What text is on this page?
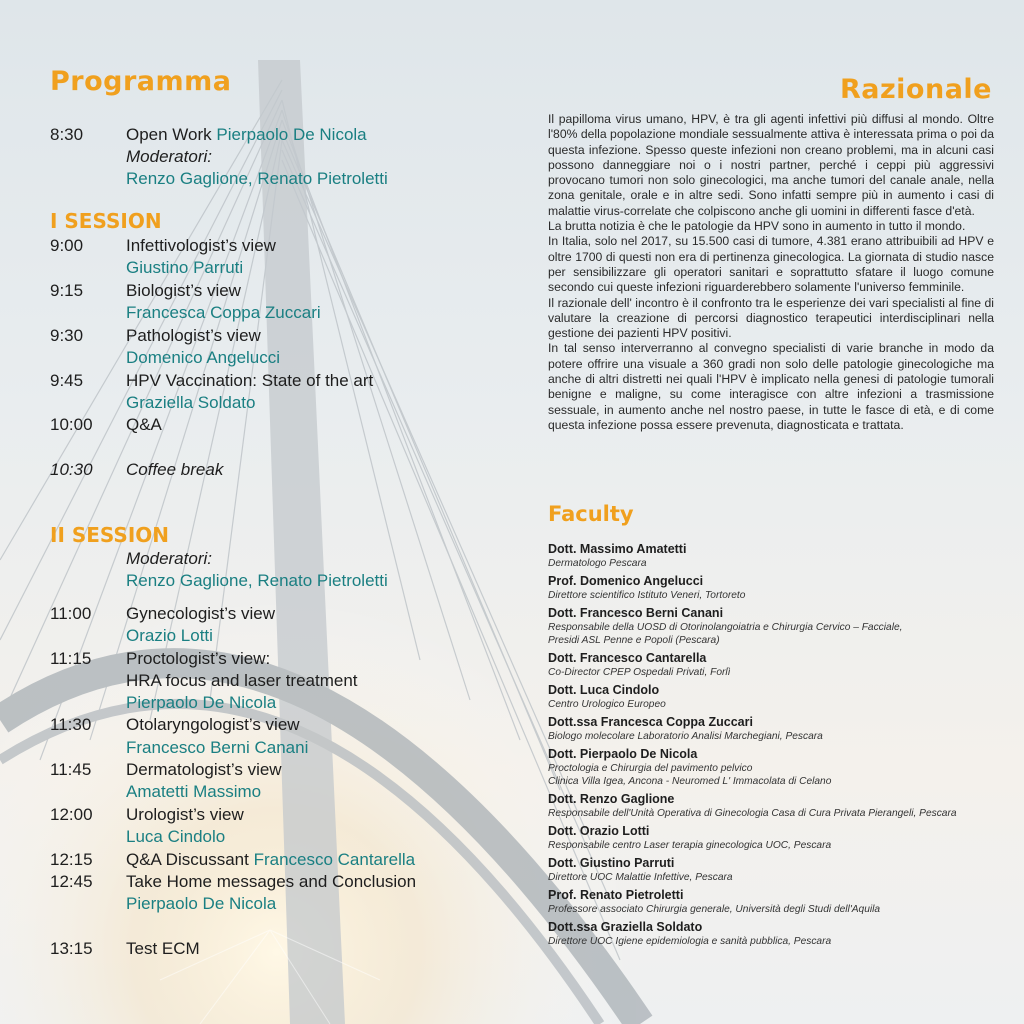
Programma
8:30	Open Work Pierpaolo De Nicola
Moderatori:
Renzo Gaglione, Renato Pietroletti
I SESSION
9:00	Infettivologist’s view
Giustino Parruti
9:15	Biologist’s view
Francesca Coppa Zuccari
9:30	Pathologist’s view
Domenico Angelucci
9:45	HPV Vaccination: State of the art
Graziella Soldato
10:00 Q&A
10:30 Coffee break
II SESSION
Moderatori:
Renzo Gaglione, Renato Pietroletti
11:00 Gynecologist’s view
Orazio Lotti
11:15 Proctologist’s view:
HRA focus and laser treatment
Pierpaolo De Nicola
11:30 Otolaryngologist’s view
Francesco Berni Canani
11:45 Dermatologist’s view
Amatetti Massimo
12:00 Urologist’s view
Luca Cindolo
12:15 Q&A Discussant Francesco Cantarella
12:45 Take Home messages and Conclusion
Pierpaolo De Nicola
13:15 Test ECM
Razionale

Il papilloma virus umano, HPV, è tra gli agenti infettivi più diffusi al mondo. Oltre l'80% della popolazione mondiale sessualmente attiva è interessata prima o poi da questa infezione. Spesso queste infezioni non creano problemi, ma in alcuni casi possono danneggiare noi o i nostri partner, perché i ceppi più aggressivi provocano tumori non solo ginecologici, ma anche tumori del canale anale, nella zona genitale, orale e in altre sedi. Sono infatti sempre più in aumento i casi di malattie virus-correlate che colpiscono anche gli uomini in differenti fasce d'età.

La brutta notizia è che le patologie da HPV sono in aumento in tutto il mondo.

In Italia, solo nel 2017, su 15.500 casi di tumore, 4.381 erano attribuibili ad HPV e oltre 1700 di questi non era di pertinenza ginecologica. La giornata di studio nasce per sensibilizzare gli operatori sanitari e soprattutto sfatare il luogo comune secondo cui queste infezioni riguarderebbero solamente l'universo femminile.

Il razionale dell' incontro è il confronto tra le esperienze dei vari specialisti al fine di valutare la creazione di percorsi diagnostico terapeutici interdisciplinari nella gestione dei pazienti HPV positivi.

In tal senso interverranno al convegno specialisti di varie branche in modo da potere offrire una visuale a 360 gradi non solo delle patologie ginecologiche ma anche di altri distretti nei quali l'HPV è implicato nella genesi di patologie tumorali benigne e maligne, su come interagisce con altre infezioni a trasmissione sessuale, in aumento anche nel nostro paese, in tutte le fasce di età, e di come questa infezione possa essere prevenuta, diagnosticata e trattata.

Faculty
Dott. Massimo Amatetti
Dermatologo Pescara
Prof. Domenico Angelucci
Direttore scientifico Istituto Veneri, Tortoreto
Dott. Francesco Berni Canani
Responsabile della UOSD di Otorinolangoiatria e Chirurgia Cervico – Facciale,
Presidi ASL Penne e Popoli (Pescara)
Dott. Francesco Cantarella
Co-Director CPEP Ospedali Privati, Forlì
Dott. Luca Cindolo
Centro Urologico Europeo
Dott.ssa Francesca Coppa Zuccari
Biologo molecolare Laboratorio Analisi Marchegiani, Pescara
Dott. Pierpaolo De Nicola
Proctologia e Chirurgia del pavimento pelvico
Clinica Villa Igea, Ancona - Neuromed L' Immacolata di Celano
Dott. Renzo Gaglione
Responsabile dell'Unità Operativa di Ginecologia Casa di Cura Privata Pierangeli, Pescara
Dott. Orazio Lotti
Responsabile centro Laser terapia ginecologica UOC, Pescara
Dott. Giustino Parruti
Direttore UOC Malattie Infettive, Pescara
Prof. Renato Pietroletti
Professore associato Chirurgia generale, Università degli Studi dell'Aquila
Dott.ssa Graziella Soldato
Direttore UOC Igiene epidemiologia e sanità pubblica, Pescara
